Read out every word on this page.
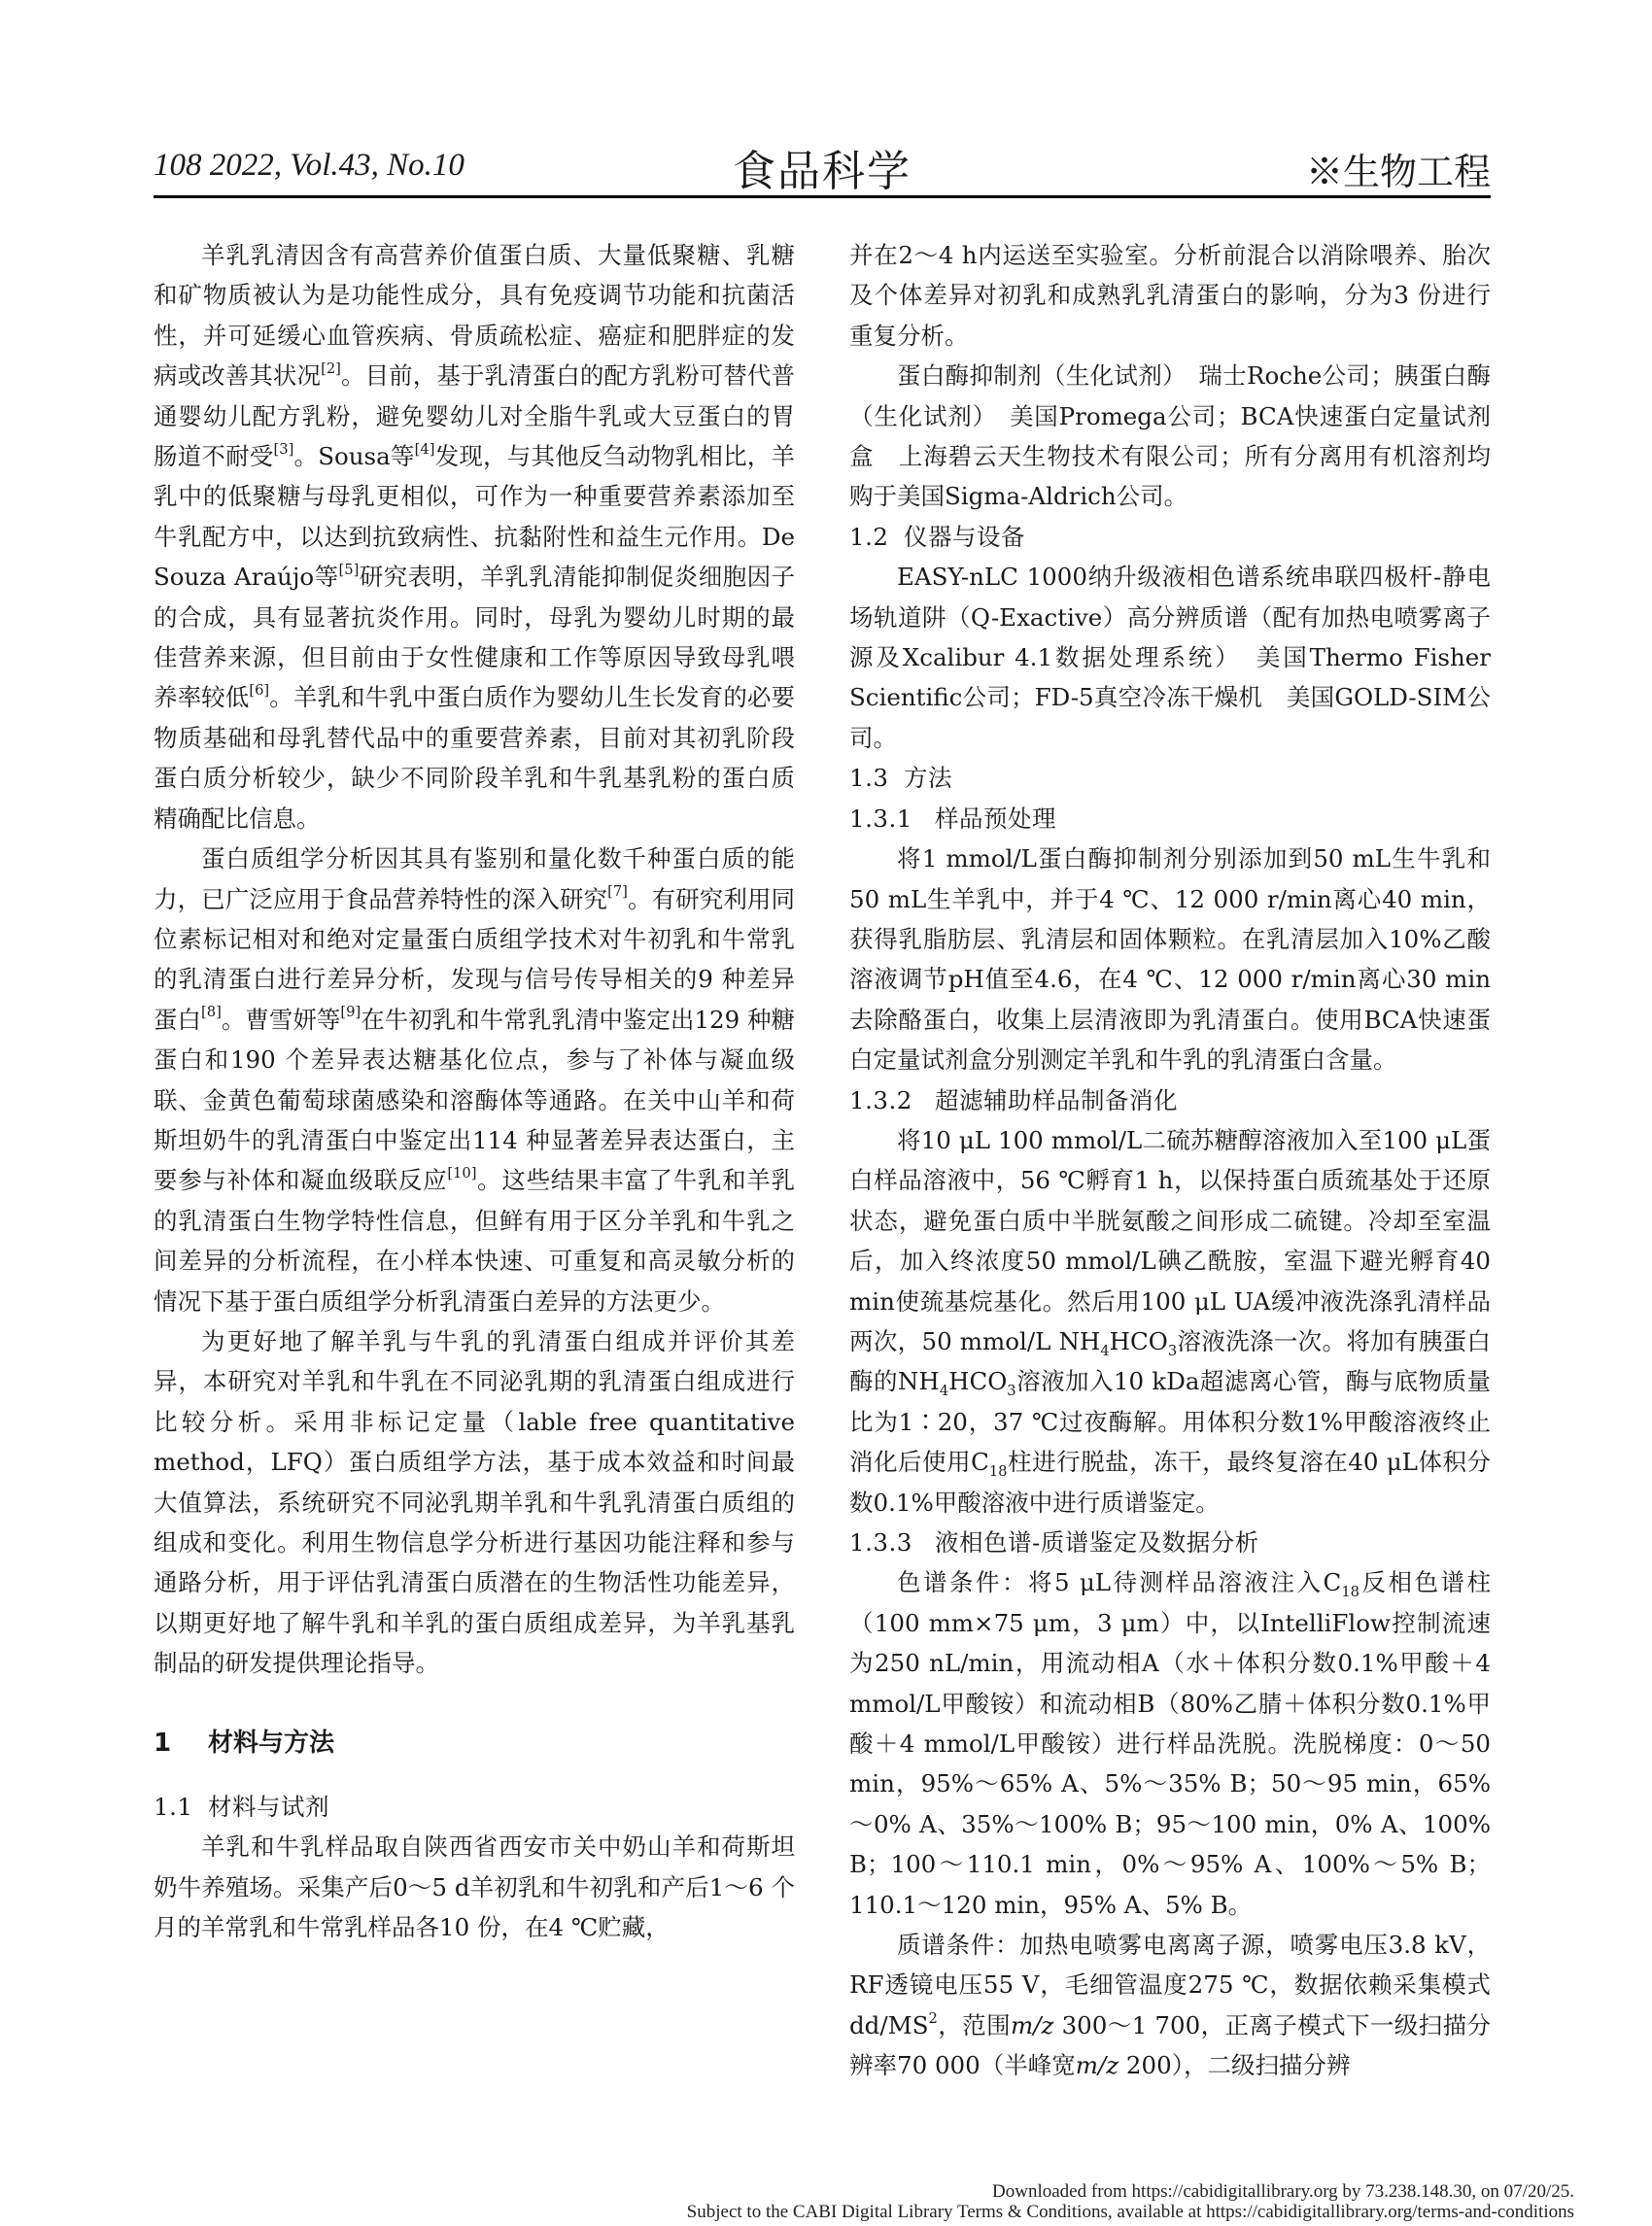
108 2022, Vol.43, No.10	食品科学	※生物工程

羊乳乳清因含有高营养价值蛋白质、大量低聚糖、乳糖和矿物质被认为是功能性成分，具有免疫调节功能和抗菌活性，并可延缓心血管疾病、骨质疏松症、癌症和肥胖症的发病或改善其状况[2]。目前，基于乳清蛋白的配方乳粉可替代普通婴幼儿配方乳粉，避免婴幼儿对全脂牛乳或大豆蛋白的胃肠道不耐受[3]。Sousa等[4]发现，与其他反刍动物乳相比，羊乳中的低聚糖与母乳更相似，可作为一种重要营养素添加至牛乳配方中，以达到抗致病性、抗黏附性和益生元作用。De Souza Araújo等[5]研究表明，羊乳乳清能抑制促炎细胞因子的合成，具有显著抗炎作用。同时，母乳为婴幼儿时期的最佳营养来源，但目前由于女性健康和工作等原因导致母乳喂养率较低[6]。羊乳和牛乳中蛋白质作为婴幼儿生长发育的必要物质基础和母乳替代品中的重要营养素，目前对其初乳阶段蛋白质分析较少，缺少不同阶段羊乳和牛乳基乳粉的蛋白质精确配比信息。

蛋白质组学分析因其具有鉴别和量化数千种蛋白质的能力，已广泛应用于食品营养特性的深入研究[7]。有研究利用同位素标记相对和绝对定量蛋白质组学技术对牛初乳和牛常乳的乳清蛋白进行差异分析，发现与信号传导相关的9 种差异蛋白[8]。曹雪妍等[9]在牛初乳和牛常乳乳清中鉴定出129 种糖蛋白和190 个差异表达糖基化位点，参与了补体与凝血级联、金黄色葡萄球菌感染和溶酶体等通路。在关中山羊和荷斯坦奶牛的乳清蛋白中鉴定出114 种显著差异表达蛋白，主要参与补体和凝血级联反应[10]。这些结果丰富了牛乳和羊乳的乳清蛋白生物学特性信息，但鲜有用于区分羊乳和牛乳之间差异的分析流程，在小样本快速、可重复和高灵敏分析的情况下基于蛋白质组学分析乳清蛋白差异的方法更少。

为更好地了解羊乳与牛乳的乳清蛋白组成并评价其差异，本研究对羊乳和牛乳在不同泌乳期的乳清蛋白组成进行比较分析。采用非标记定量（lable free quantitative method，LFQ）蛋白质组学方法，基于成本效益和时间最大值算法，系统研究不同泌乳期羊乳和牛乳乳清蛋白质组的组成和变化。利用生物信息学分析进行基因功能注释和参与通路分析，用于评估乳清蛋白质潜在的生物活性功能差异，以期更好地了解牛乳和羊乳的蛋白质组成差异，为羊乳基乳制品的研发提供理论指导。

1 材料与方法

1.1 材料与试剂

羊乳和牛乳样品取自陕西省西安市关中奶山羊和荷斯坦奶牛养殖场。采集产后0～5 d羊初乳和牛初乳和产后1～6 个月的羊常乳和牛常乳样品各10 份，在4 ℃贮藏，

并在2～4 h内运送至实验室。分析前混合以消除喂养、胎次及个体差异对初乳和成熟乳乳清蛋白的影响，分为3 份进行重复分析。

蛋白酶抑制剂（生化试剂）　瑞士Roche公司；胰蛋白酶（生化试剂）　美国Promega公司；BCA快速蛋白定量试剂盒　上海碧云天生物技术有限公司；所有分离用有机溶剂均购于美国Sigma-Aldrich公司。

1.2 仪器与设备

EASY-nLC 1000纳升级液相色谱系统串联四极杆-静电场轨道阱（Q-Exactive）高分辨质谱（配有加热电喷雾离子源及Xcalibur 4.1数据处理系统）　美国Thermo Fisher Scientific公司；FD-5真空冷冻干燥机　美国GOLD-SIM公司。

1.3 方法

1.3.1 样品预处理

将1 mmol/L蛋白酶抑制剂分别添加到50 mL生牛乳和50 mL生羊乳中，并于4 ℃、12 000 r/min离心40 min，获得乳脂肪层、乳清层和固体颗粒。在乳清层加入10%乙酸溶液调节pH值至4.6，在4 ℃、12 000 r/min离心30 min去除酪蛋白，收集上层清液即为乳清蛋白。使用BCA快速蛋白定量试剂盒分别测定羊乳和牛乳的乳清蛋白含量。

1.3.2 超滤辅助样品制备消化

将10 μL 100 mmol/L二硫苏糖醇溶液加入至100 μL蛋白样品溶液中，56 ℃孵育1 h，以保持蛋白质巯基处于还原状态，避免蛋白质中半胱氨酸之间形成二硫键。冷却至室温后，加入终浓度50 mmol/L碘乙酰胺，室温下避光孵育40 min使巯基烷基化。然后用100 μL UA缓冲液洗涤乳清样品两次，50 mmol/L $NH_4HCO_3$溶液洗涤一次。将加有胰蛋白酶的$NH_4HCO_3$溶液加入10 kDa超滤离心管，酶与底物质量比为1∶20，37 ℃过夜酶解。用体积分数1%甲酸溶液终止消化后使用$C_{18}$柱进行脱盐，冻干，最终复溶在40 μL体积分数0.1%甲酸溶液中进行质谱鉴定。

1.3.3 液相色谱-质谱鉴定及数据分析

色谱条件：将5 μL待测样品溶液注入$C_{18}$反相色谱柱（100 mm×75 μm，3 μm）中，以IntelliFlow控制流速为250 nL/min，用流动相A（水＋体积分数0.1%甲酸＋4 mmol/L甲酸铵）和流动相B（80%乙腈＋体积分数0.1%甲酸＋4 mmol/L甲酸铵）进行样品洗脱。洗脱梯度：0～50 min，95%～65% A、5%～35% B；50～95 min，65%～0% A、35%～100% B；95～100 min，0% A、100% B；100～110.1 min，0%～95% A、100%～5% B；110.1～120 min，95% A、5% B。

质谱条件：加热电喷雾电离离子源，喷雾电压3.8 kV，RF透镜电压55 V，毛细管温度275 ℃，数据依赖采集模式$dd/MS^2$，范围m/z 300～1 700，正离子模式下一级扫描分辨率70 000（半峰宽m/z 200），二级扫描分辨

Downloaded from https://cabidigitallibrary.org by 73.238.148.30, on 07/20/25.
Subject to the CABI Digital Library Terms & Conditions, available at https://cabidigitallibrary.org/terms-and-conditions
